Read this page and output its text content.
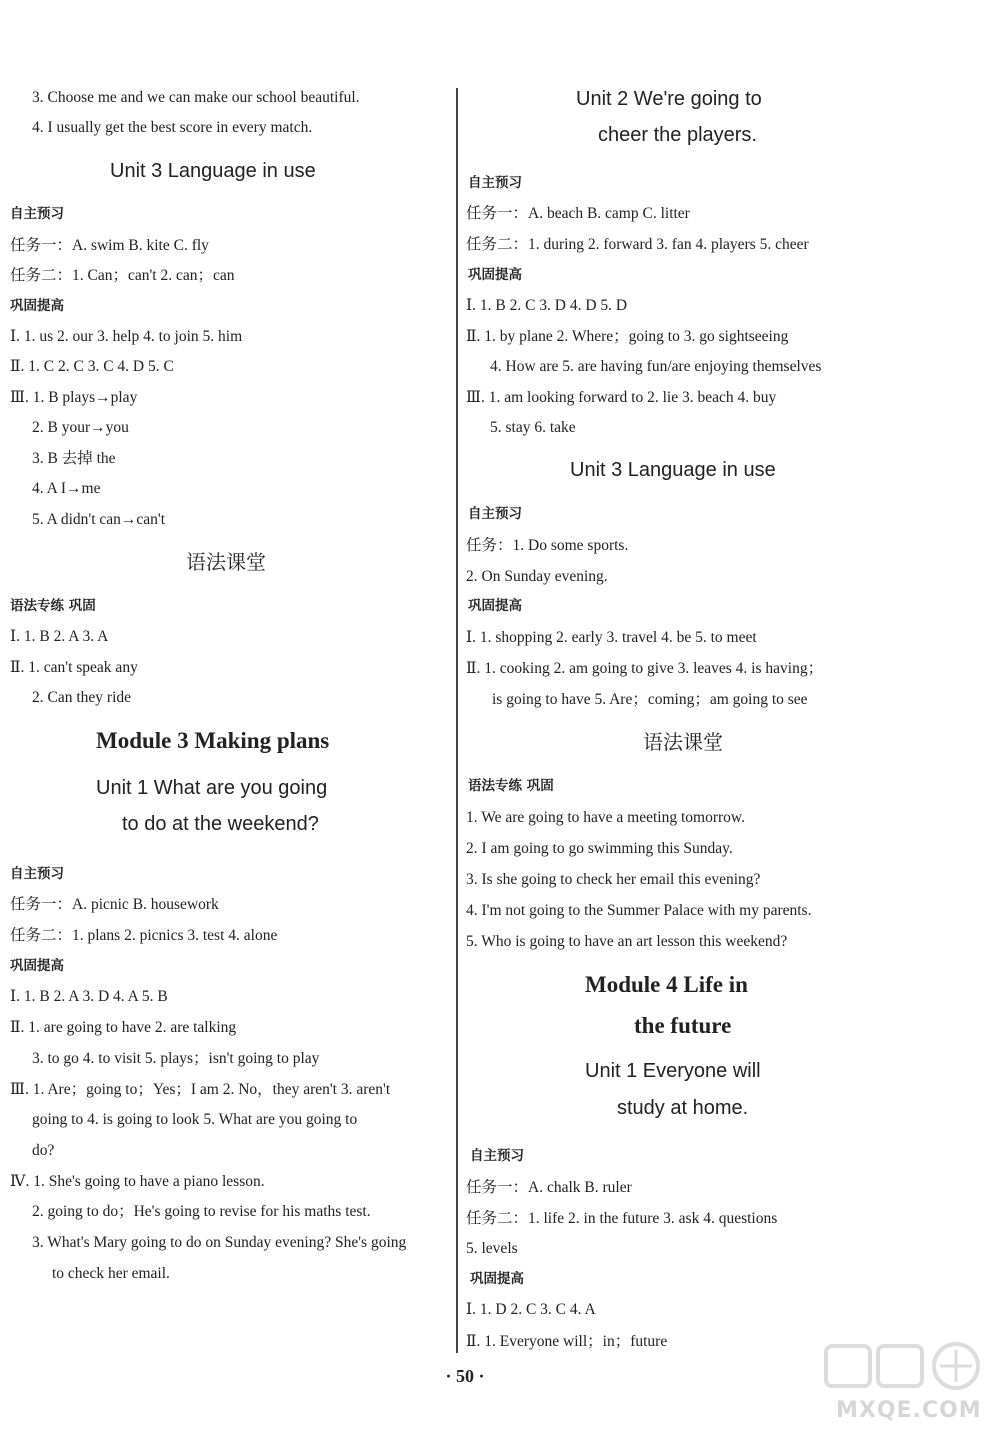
3. Choose me and we can make our school beautiful.
4. I usually get the best score in every match.
Unit 3 Language in use
自主预习
任务一：A. swim B. kite C. fly
任务二：1. Can；can't 2. can；can
巩固提高
Ⅰ. 1. us 2. our 3. help 4. to join 5. him
Ⅱ. 1. C 2. C 3. C 4. D 5. C
Ⅲ. 1. B plays→play
2. B your→you
3. B 去掉 the
4. A I→me
5. A didn't can→can't
语法课堂
语法专练 巩固
Ⅰ. 1. B 2. A 3. A
Ⅱ. 1. can't speak any
2. Can they ride
Module 3 Making plans
Unit 1 What are you going
to do at the weekend?
自主预习
任务一：A. picnic B. housework
任务二：1. plans 2. picnics 3. test 4. alone
巩固提高
Ⅰ. 1. B 2. A 3. D 4. A 5. B
Ⅱ. 1. are going to have 2. are talking
3. to go 4. to visit 5. plays；isn't going to play
Ⅲ. 1. Are；going to；Yes；I am 2. No，they aren't 3. aren't
going to 4. is going to look 5. What are you going to
do?
Ⅳ. 1. She's going to have a piano lesson.
2. going to do；He's going to revise for his maths test.
3. What's Mary going to do on Sunday evening? She's going
to check her email.
Unit 2 We're going to
cheer the players.
自主预习
任务一：A. beach B. camp C. litter
任务二：1. during 2. forward 3. fan 4. players 5. cheer
巩固提高
Ⅰ. 1. B 2. C 3. D 4. D 5. D
Ⅱ. 1. by plane 2. Where；going to 3. go sightseeing
4. How are 5. are having fun/are enjoying themselves
Ⅲ. 1. am looking forward to 2. lie 3. beach 4. buy
5. stay 6. take
Unit 3 Language in use
自主预习
任务：1. Do some sports.
2. On Sunday evening.
巩固提高
Ⅰ. 1. shopping 2. early 3. travel 4. be 5. to meet
Ⅱ. 1. cooking 2. am going to give 3. leaves 4. is having；
is going to have 5. Are；coming；am going to see
语法课堂
语法专练 巩固
1. We are going to have a meeting tomorrow.
2. I am going to go swimming this Sunday.
3. Is she going to check her email this evening?
4. I'm not going to the Summer Palace with my parents.
5. Who is going to have an art lesson this weekend?
Module 4 Life in
the future
Unit 1 Everyone will
study at home.
自主预习
任务一：A. chalk B. ruler
任务二：1. life 2. in the future 3. ask 4. questions
5. levels
巩固提高
Ⅰ. 1. D 2. C 3. C 4. A
Ⅱ. 1. Everyone will；in；future
· 50 ·
MXQE.COM
